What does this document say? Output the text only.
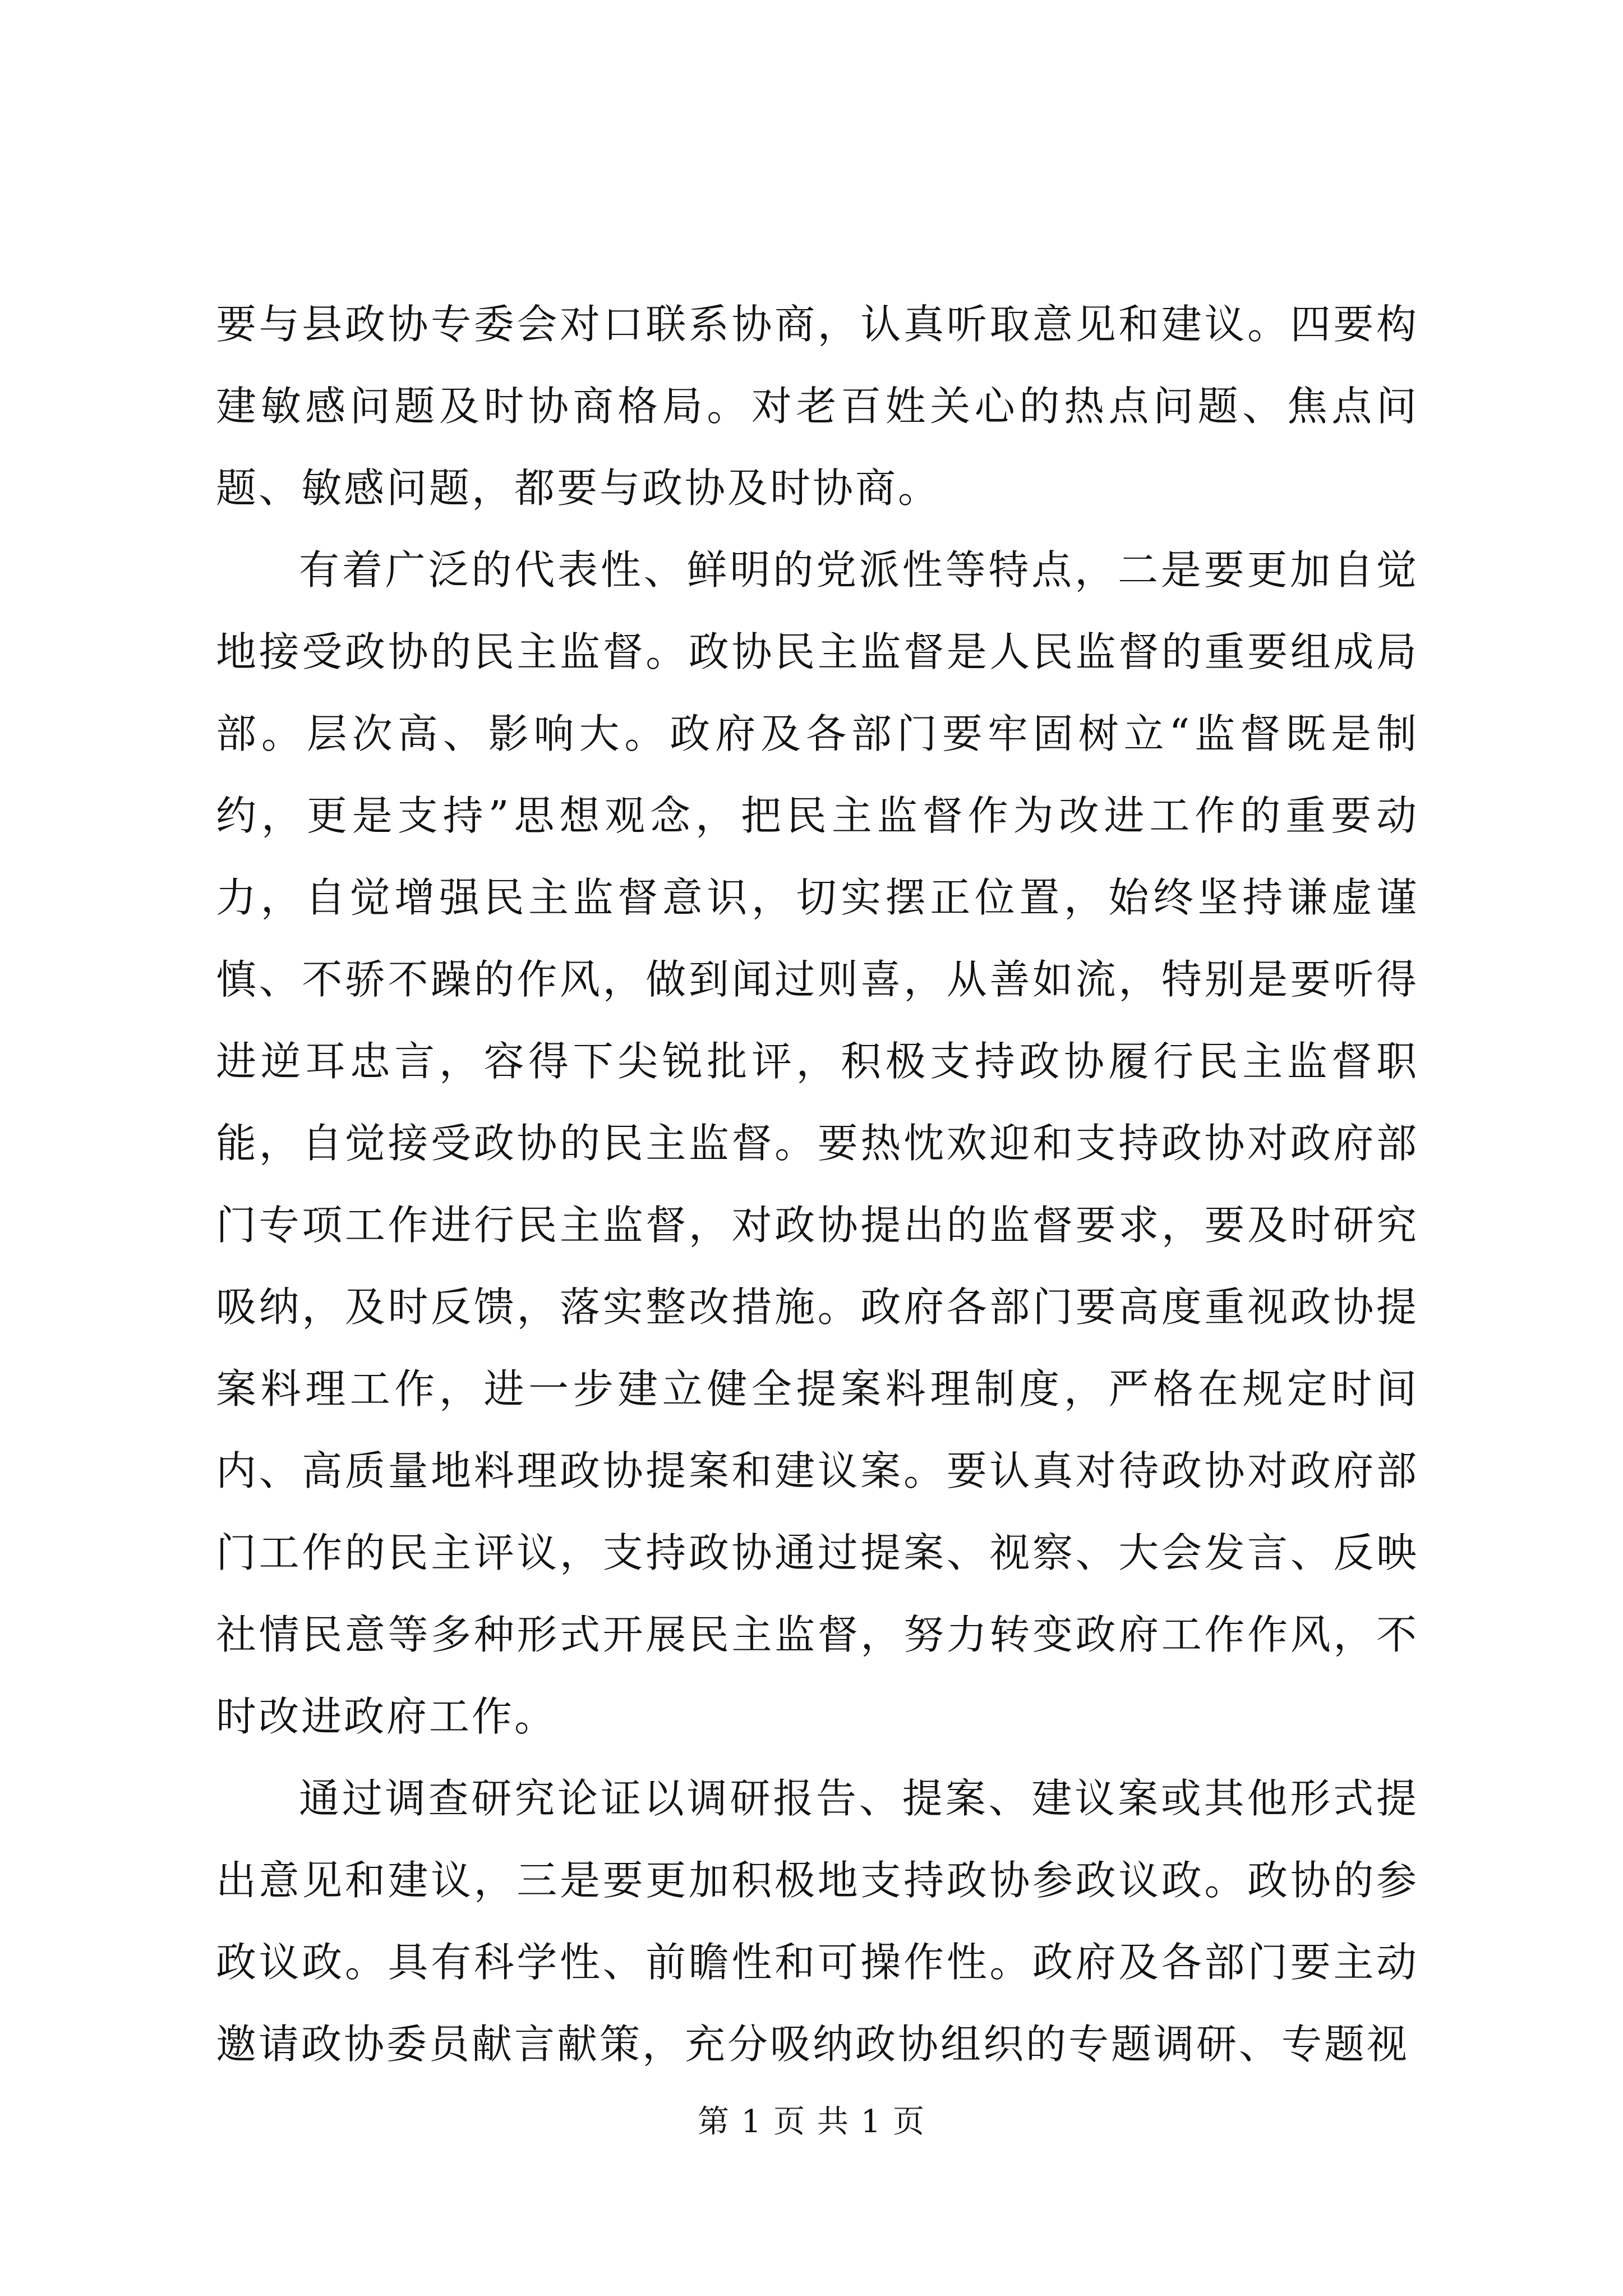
要与县政协专委会对口联系协商，认真听取意见和建议。四要构建敏感问题及时协商格局。对老百姓关心的热点问题、焦点问题、敏感问题，都要与政协及时协商。

有着广泛的代表性、鲜明的党派性等特点，二是要更加自觉地接受政协的民主监督。政协民主监督是人民监督的重要组成局部。层次高、影响大。政府及各部门要牢固树立“监督既是制约，更是支持”思想观念，把民主监督作为改进工作的重要动力，自觉增强民主监督意识，切实摆正位置，始终坚持谦虚谨慎、不骄不躁的作风，做到闻过则喜，从善如流，特别是要听得进逆耳忠言，容得下尖锐批评，积极支持政协履行民主监督职能，自觉接受政协的民主监督。要热忱欢迎和支持政协对政府部门专项工作进行民主监督，对政协提出的监督要求，要及时研究吸纳，及时反馈，落实整改措施。政府各部门要高度重视政协提案料理工作，进一步建立健全提案料理制度，严格在规定时间内、高质量地料理政协提案和建议案。要认真对待政协对政府部门工作的民主评议，支持政协通过提案、视察、大会发言、反映社情民意等多种形式开展民主监督，努力转变政府工作作风，不时改进政府工作。

通过调查研究论证以调研报告、提案、建议案或其他形式提出意见和建议，三是要更加积极地支持政协参政议政。政协的参政议政。具有科学性、前瞻性和可操作性。政府及各部门要主动邀请政协委员献言献策，充分吸纳政协组织的专题调研、专题视

第 1 页 共 1 页
